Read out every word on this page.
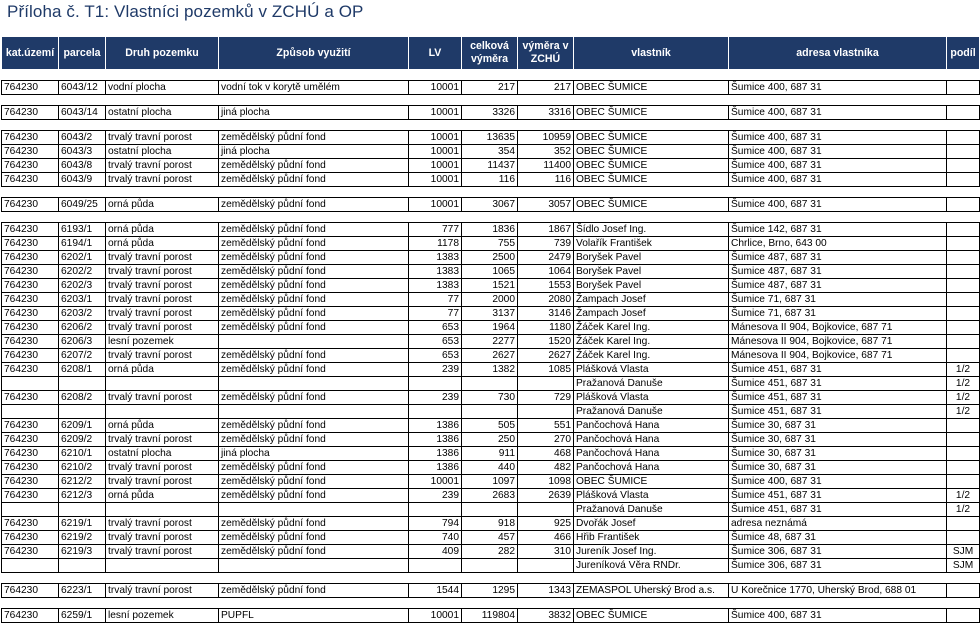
Příloha č. T1: Vlastníci pozemků v ZCHÚ a OP
kat.území	parcela	Druh pozemku	Způsob využití	LV	celková výměra	výměra v ZCHÚ	vlastník	adresa vlastníka	podíl

764230	6043/12	vodní plocha	vodní tok v korytě umělém	10001	217	217	OBEC ŠUMICE	Šumice 400, 687 31	

764230	6043/14	ostatní plocha	jiná plocha	10001	3326	3316	OBEC ŠUMICE	Šumice 400, 687 31	

764230	6043/2	trvalý travní porost	zemědělský půdní fond	10001	13635	10959	OBEC ŠUMICE	Šumice 400, 687 31	
764230	6043/3	ostatní plocha	jiná plocha	10001	354	352	OBEC ŠUMICE	Šumice 400, 687 31	
764230	6043/8	trvalý travní porost	zemědělský půdní fond	10001	11437	11400	OBEC ŠUMICE	Šumice 400, 687 31	
764230	6043/9	trvalý travní porost	zemědělský půdní fond	10001	116	116	OBEC ŠUMICE	Šumice 400, 687 31	

764230	6049/25	orná půda	zemědělský půdní fond	10001	3067	3057	OBEC ŠUMICE	Šumice 400, 687 31	

764230	6193/1	orná půda	zemědělský půdní fond	777	1836	1867	Šídlo Josef Ing.	Šumice 142, 687 31	
764230	6194/1	orná půda	zemědělský půdní fond	1178	755	739	Volařík František	Chrlice, Brno, 643 00	
764230	6202/1	trvalý travní porost	zemědělský půdní fond	1383	2500	2479	Boryšek Pavel	Šumice 487, 687 31	
764230	6202/2	trvalý travní porost	zemědělský půdní fond	1383	1065	1064	Boryšek Pavel	Šumice 487, 687 31	
764230	6202/3	trvalý travní porost	zemědělský půdní fond	1383	1521	1553	Boryšek Pavel	Šumice 487, 687 31	
764230	6203/1	trvalý travní porost	zemědělský půdní fond	77	2000	2080	Žampach Josef	Šumice 71, 687 31	
764230	6203/2	trvalý travní porost	zemědělský půdní fond	77	3137	3146	Žampach Josef	Šumice 71, 687 31	
764230	6206/2	trvalý travní porost	zemědělský půdní fond	653	1964	1180	Žáček Karel Ing.	Mánesova II 904, Bojkovice, 687 71	
764230	6206/3	lesní pozemek		653	2277	1520	Žáček Karel Ing.	Mánesova II 904, Bojkovice, 687 71	
764230	6207/2	trvalý travní porost	zemědělský půdní fond	653	2627	2627	Žáček Karel Ing.	Mánesova II 904, Bojkovice, 687 71	
764230	6208/1	orná půda	zemědělský půdní fond	239	1382	1085	Plášková Vlasta	Šumice 451, 687 31	1/2
							Pražanová Danuše	Šumice 451, 687 31	1/2
764230	6208/2	trvalý travní porost	zemědělský půdní fond	239	730	729	Plášková Vlasta	Šumice 451, 687 31	1/2
							Pražanová Danuše	Šumice 451, 687 31	1/2
764230	6209/1	orná půda	zemědělský půdní fond	1386	505	551	Pančochová Hana	Šumice 30, 687 31	
764230	6209/2	trvalý travní porost	zemědělský půdní fond	1386	250	270	Pančochová Hana	Šumice 30, 687 31	
764230	6210/1	ostatní plocha	jiná plocha	1386	911	468	Pančochová Hana	Šumice 30, 687 31	
764230	6210/2	trvalý travní porost	zemědělský půdní fond	1386	440	482	Pančochová Hana	Šumice 30, 687 31	
764230	6212/2	trvalý travní porost	zemědělský půdní fond	10001	1097	1098	OBEC ŠUMICE	Šumice 400, 687 31	
764230	6212/3	orná půda	zemědělský půdní fond	239	2683	2639	Plášková Vlasta	Šumice 451, 687 31	1/2
							Pražanová Danuše	Šumice 451, 687 31	1/2
764230	6219/1	trvalý travní porost	zemědělský půdní fond	794	918	925	Dvořák Josef	adresa neznámá	
764230	6219/2	trvalý travní porost	zemědělský půdní fond	740	457	466	Hřib František	Šumice 48, 687 31	
764230	6219/3	trvalý travní porost	zemědělský půdní fond	409	282	310	Jureník Josef Ing.	Šumice 306, 687 31	SJM
							Jureníková Věra RNDr.	Šumice 306, 687 31	SJM

764230	6223/1	trvalý travní porost	zemědělský půdní fond	1544	1295	1343	ZEMASPOL Uherský Brod a.s.	U Korečnice 1770, Uherský Brod, 688 01	

764230	6259/1	lesní pozemek	PUPFL	10001	119804	3832	OBEC ŠUMICE	Šumice 400, 687 31	
